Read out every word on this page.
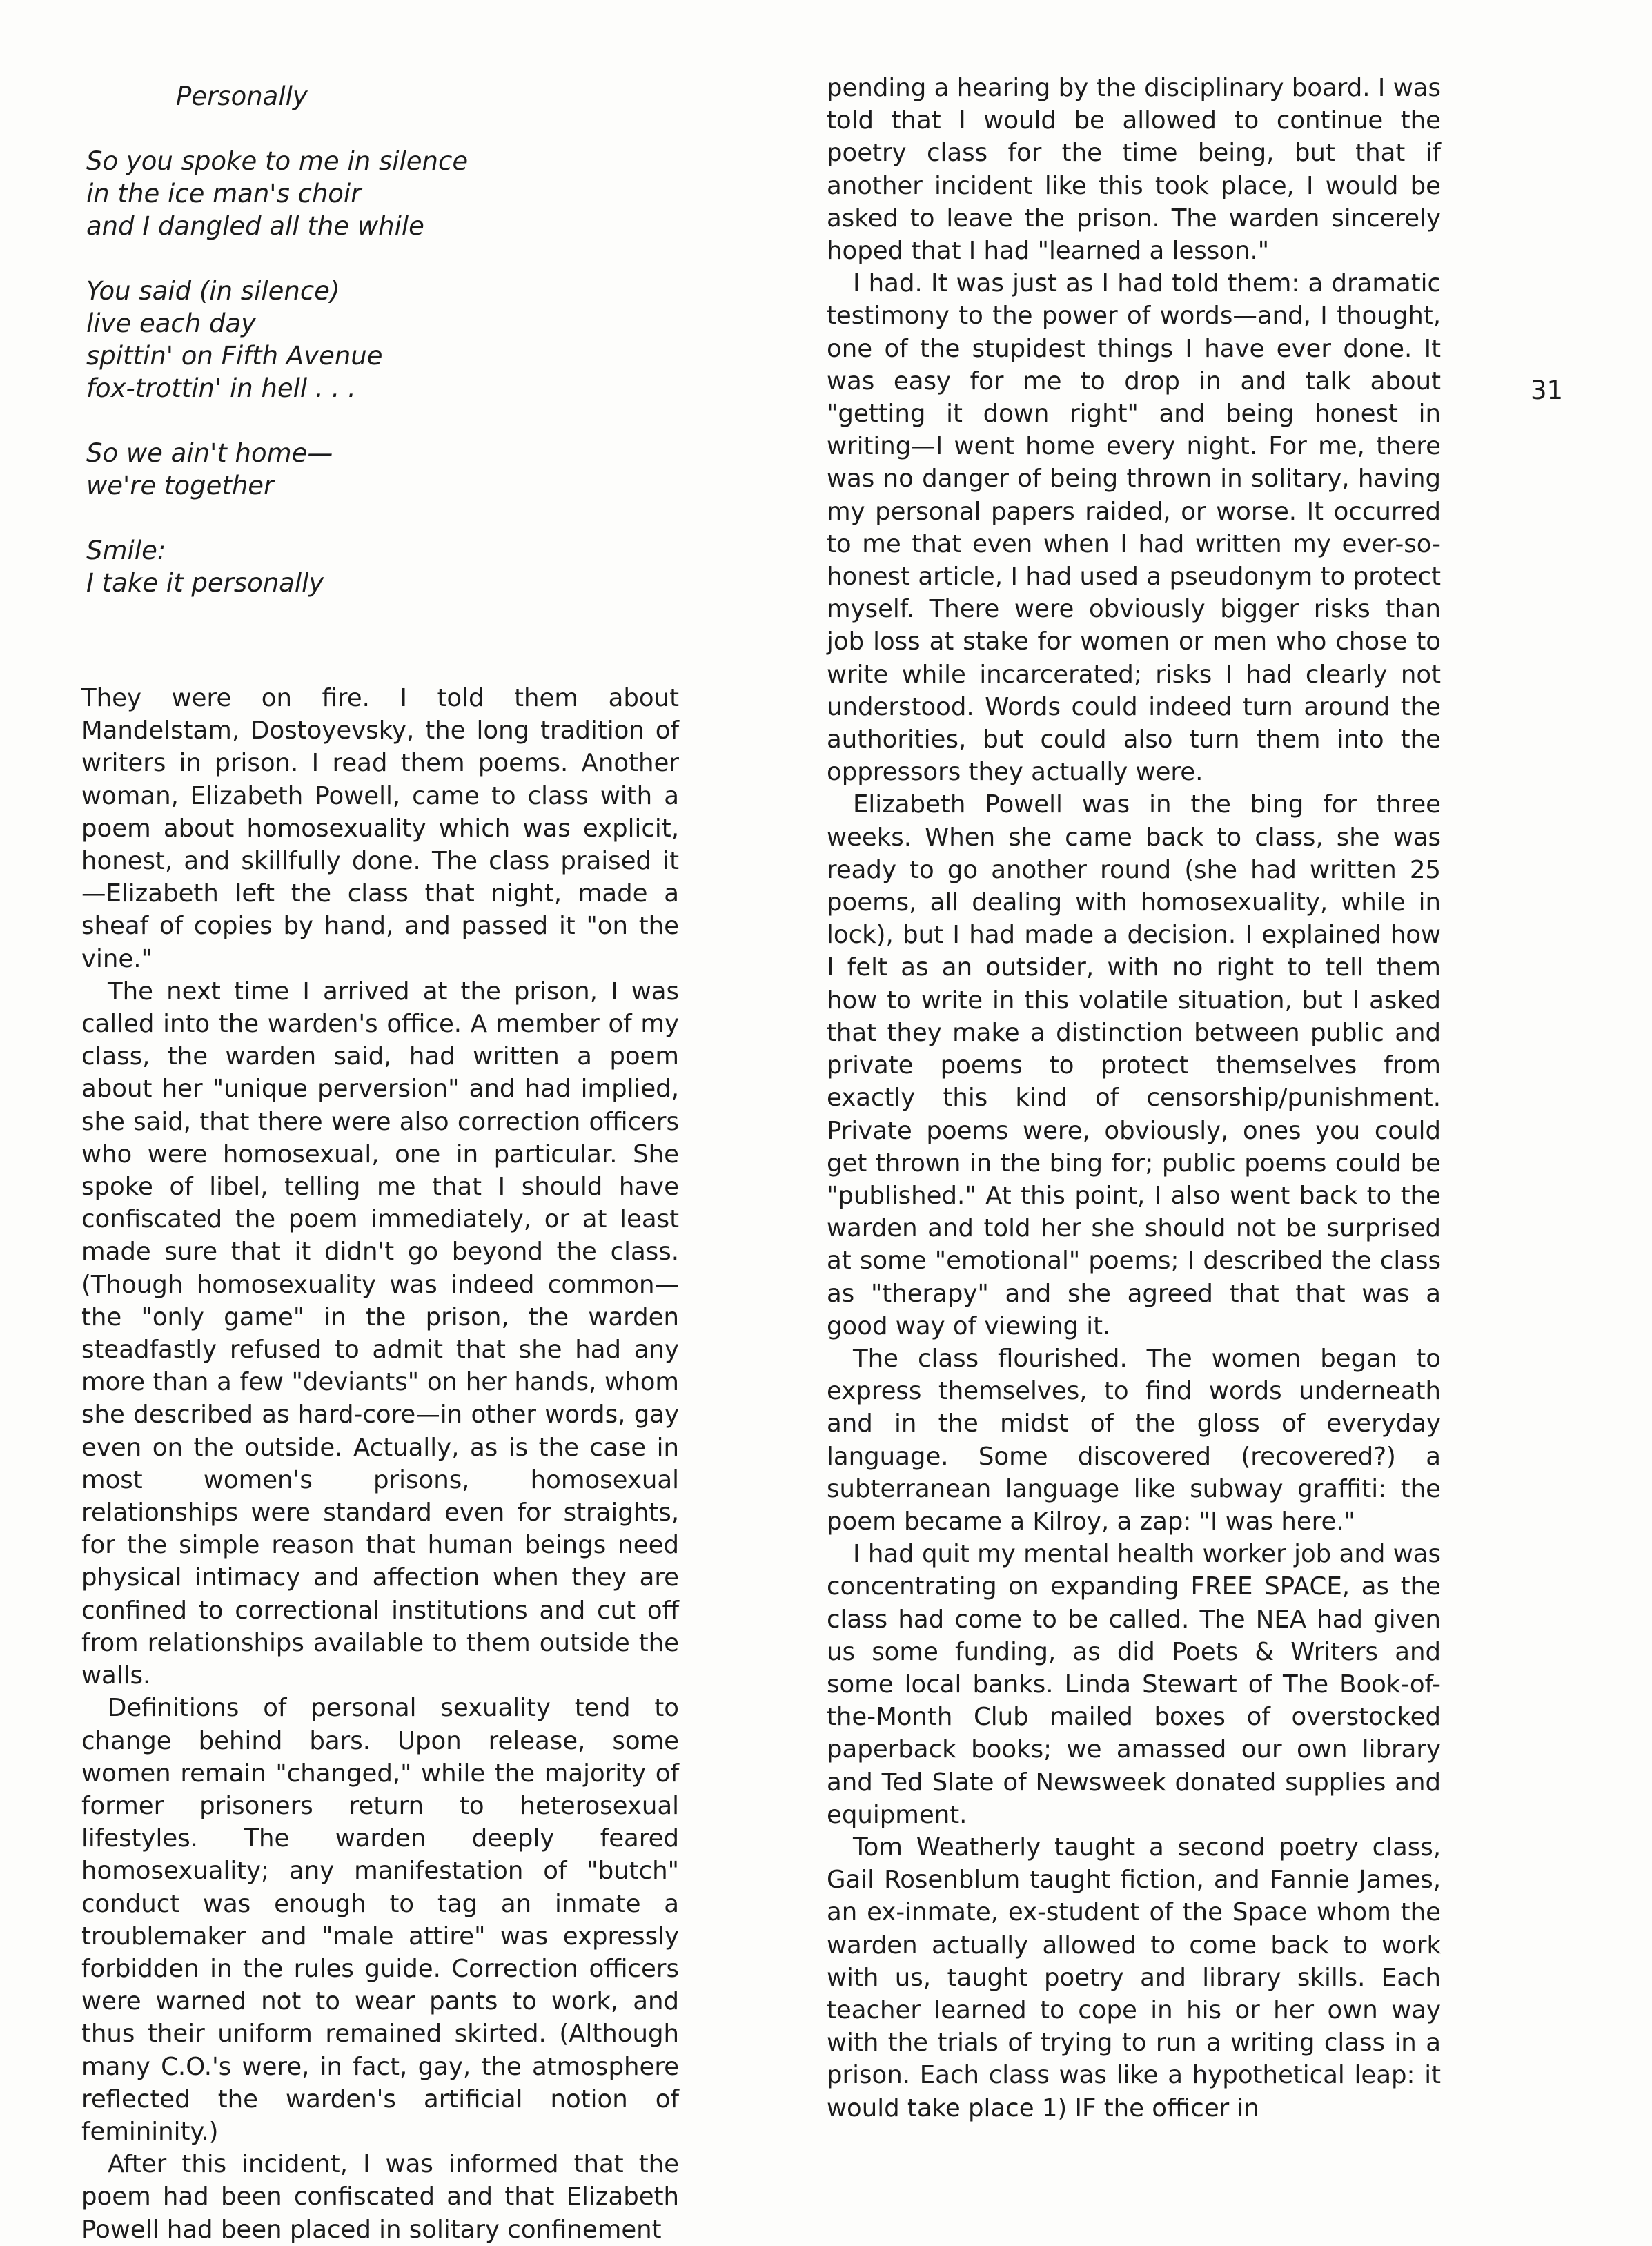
Personally
So you spoke to me in silence
in the ice man's choir
and I dangled all the while
You said (in silence)
live each day
spittin' on Fifth Avenue
fox-trottin' in hell . . .
So we ain't home—
we're together
Smile:
I take it personally

They were on fire. I told them about Mandelstam, Dostoyevsky, the long tradition of writers in prison. I read them poems. Another woman, Elizabeth Powell, came to class with a poem about homosexuality which was explicit, honest, and skillfully done. The class praised it—Elizabeth left the class that night, made a sheaf of copies by hand, and passed it "on the vine."

The next time I arrived at the prison, I was called into the warden's office. A member of my class, the warden said, had written a poem about her "unique perversion" and had implied, she said, that there were also correction officers who were homosexual, one in particular. She spoke of libel, telling me that I should have confiscated the poem immediately, or at least made sure that it didn't go beyond the class. (Though homosexuality was indeed common—the "only game" in the prison, the warden steadfastly refused to admit that she had any more than a few "deviants" on her hands, whom she described as hard-core—in other words, gay even on the outside. Actually, as is the case in most women's prisons, homosexual relationships were standard even for straights, for the simple reason that human beings need physical intimacy and affection when they are confined to correctional institutions and cut off from relationships available to them outside the walls.

Definitions of personal sexuality tend to change behind bars. Upon release, some women remain "changed," while the majority of former prisoners return to heterosexual lifestyles. The warden deeply feared homosexuality; any manifestation of "butch" conduct was enough to tag an inmate a troublemaker and "male attire" was expressly forbidden in the rules guide. Correction officers were warned not to wear pants to work, and thus their uniform remained skirted. (Although many C.O.'s were, in fact, gay, the atmosphere reflected the warden's artificial notion of femininity.)

After this incident, I was informed that the poem had been confiscated and that Elizabeth Powell had been placed in solitary confinement

pending a hearing by the disciplinary board. I was told that I would be allowed to continue the poetry class for the time being, but that if another incident like this took place, I would be asked to leave the prison. The warden sincerely hoped that I had "learned a lesson."

I had. It was just as I had told them: a dramatic testimony to the power of words—and, I thought, one of the stupidest things I have ever done. It was easy for me to drop in and talk about "getting it down right" and being honest in writing—I went home every night. For me, there was no danger of being thrown in solitary, having my personal papers raided, or worse. It occurred to me that even when I had written my ever-so-honest article, I had used a pseudonym to protect myself. There were obviously bigger risks than job loss at stake for women or men who chose to write while incarcerated; risks I had clearly not understood. Words could indeed turn around the authorities, but could also turn them into the oppressors they actually were.

Elizabeth Powell was in the bing for three weeks. When she came back to class, she was ready to go another round (she had written 25 poems, all dealing with homosexuality, while in lock), but I had made a decision. I explained how I felt as an outsider, with no right to tell them how to write in this volatile situation, but I asked that they make a distinction between public and private poems to protect themselves from exactly this kind of censorship/punishment. Private poems were, obviously, ones you could get thrown in the bing for; public poems could be "published." At this point, I also went back to the warden and told her she should not be surprised at some "emotional" poems; I described the class as "therapy" and she agreed that that was a good way of viewing it.

The class flourished. The women began to express themselves, to find words underneath and in the midst of the gloss of everyday language. Some discovered (recovered?) a subterranean language like subway graffiti: the poem became a Kilroy, a zap: "I was here."

I had quit my mental health worker job and was concentrating on expanding FREE SPACE, as the class had come to be called. The NEA had given us some funding, as did Poets & Writers and some local banks. Linda Stewart of The Book-of-the-Month Club mailed boxes of overstocked paperback books; we amassed our own library and Ted Slate of Newsweek donated supplies and equipment.

Tom Weatherly taught a second poetry class, Gail Rosenblum taught fiction, and Fannie James, an ex-inmate, ex-student of the Space whom the warden actually allowed to come back to work with us, taught poetry and library skills. Each teacher learned to cope in his or her own way with the trials of trying to run a writing class in a prison. Each class was like a hypothetical leap: it would take place 1) IF the officer in

31
